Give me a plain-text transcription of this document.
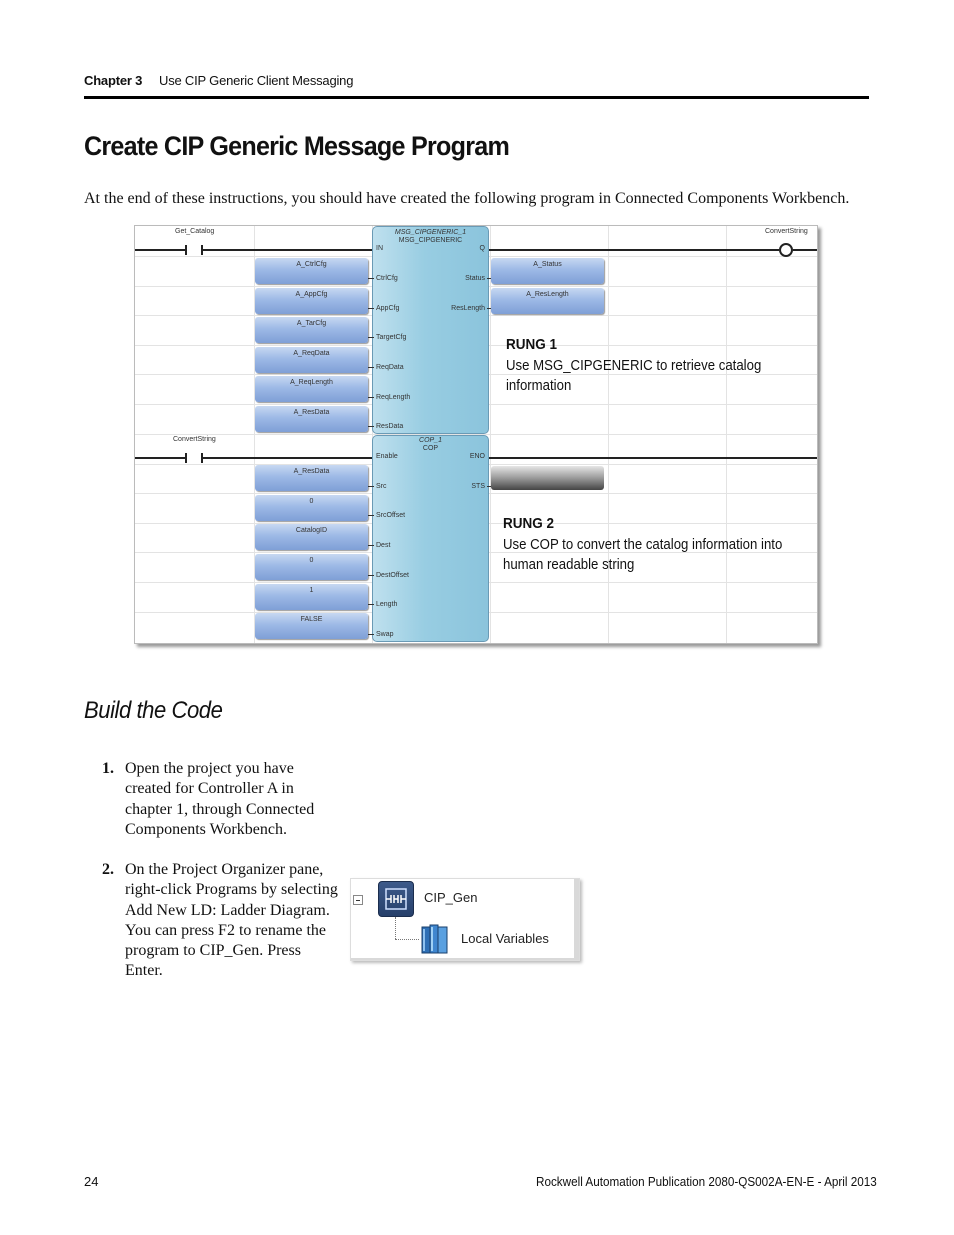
Chapter 3 Use CIP Generic Client Messaging
Create CIP Generic Message Program
At the end of these instructions, you should have created the following program in Connected Components Workbench.
Get_Catalog	ConvertString
MSG_CIPGENERIC_1
MSG_CIPGENERIC
IN
CtrlCfg
AppCfg
TargetCfg
ReqData
ReqLength
ResData
Q
Status
ResLength
A_CtrlCfg
A_AppCfg
A_TarCfg
A_ReqData
A_ReqLength
A_ResData
A_Status
A_ResLength
RUNG 1
Use MSG_CIPGENERIC to retrieve catalog
information
ConvertString	COP_1
COP
Enable
Src
SrcOffset
Dest
DestOffset
Length
Swap
ENO
STS
A_ResData
0
CatalogID
0
1
FALSE
RUNG 2
Use COP to convert the catalog information into
human readable string
Build the Code
1. Open the project you have
created for Controller A in
chapter 1, through Connected
Components Workbench.
2. On the Project Organizer pane,
right-click Programs by selecting
Add New LD: Ladder Diagram.
You can press F2 to rename the
program to CIP_Gen. Press
Enter.
CIP_Gen
Local Variables
24	Rockwell Automation Publication 2080-QS002A-EN-E - April 2013
